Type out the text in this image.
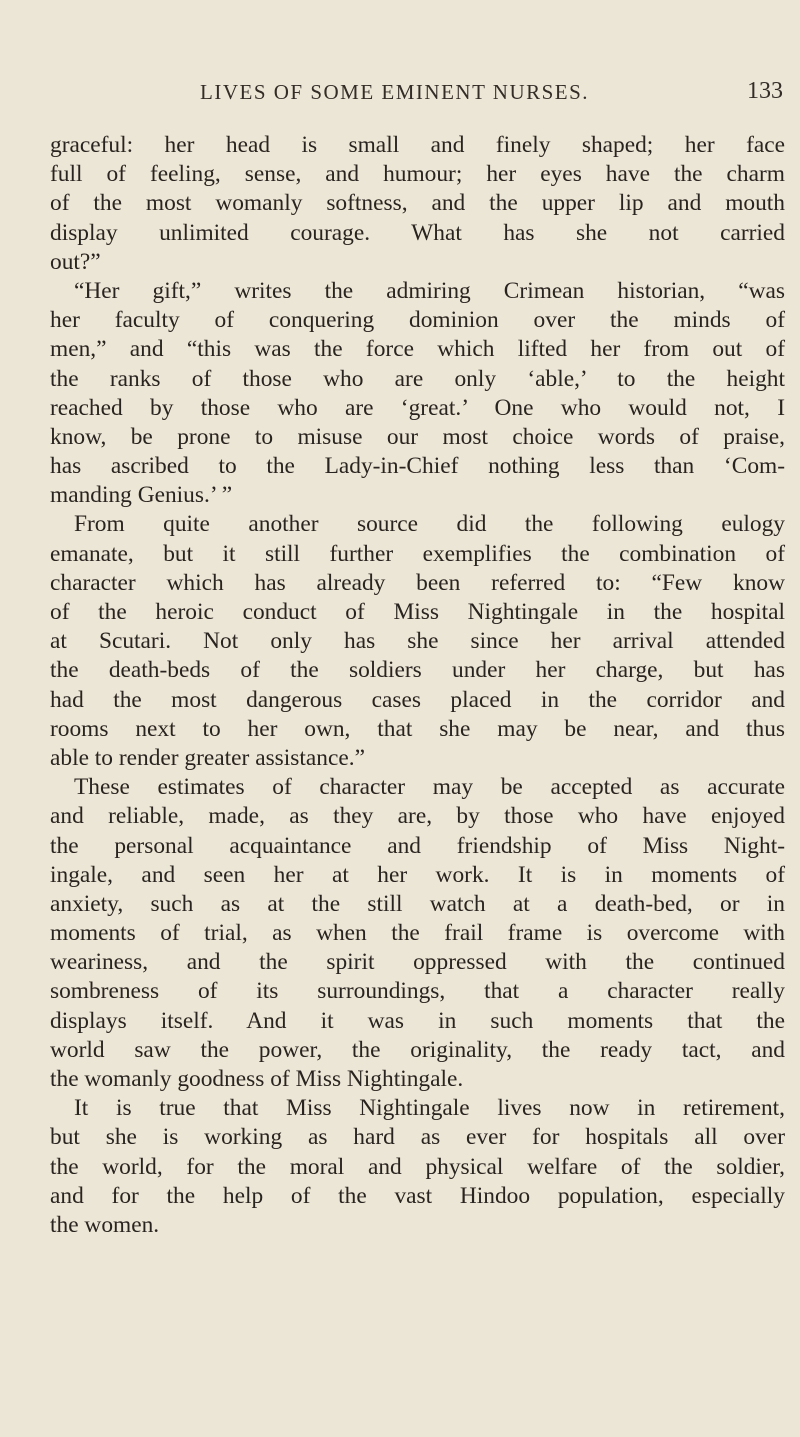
LIVES OF SOME EMINENT NURSES.	133
graceful: her head is small and finely shaped; her face
full of feeling, sense, and humour; her eyes have the charm
of the most womanly softness, and the upper lip and mouth
display unlimited courage. What has she not carried
out?”
“Her gift,” writes the admiring Crimean historian, “was
her faculty of conquering dominion over the minds of
men,” and “this was the force which lifted her from out of
the ranks of those who are only ‘able,’ to the height
reached by those who are ‘great.’ One who would not, I
know, be prone to misuse our most choice words of praise,
has ascribed to the Lady-in-Chief nothing less than ‘Com-
manding Genius.’ ”
From quite another source did the following eulogy
emanate, but it still further exemplifies the combination of
character which has already been referred to: “Few know
of the heroic conduct of Miss Nightingale in the hospital
at Scutari. Not only has she since her arrival attended
the death-beds of the soldiers under her charge, but has
had the most dangerous cases placed in the corridor and
rooms next to her own, that she may be near, and thus
able to render greater assistance.”
These estimates of character may be accepted as accurate
and reliable, made, as they are, by those who have enjoyed
the personal acquaintance and friendship of Miss Night-
ingale, and seen her at her work. It is in moments of
anxiety, such as at the still watch at a death-bed, or in
moments of trial, as when the frail frame is overcome with
weariness, and the spirit oppressed with the continued
sombreness of its surroundings, that a character really
displays itself. And it was in such moments that the
world saw the power, the originality, the ready tact, and
the womanly goodness of Miss Nightingale.
It is true that Miss Nightingale lives now in retirement,
but she is working as hard as ever for hospitals all over
the world, for the moral and physical welfare of the soldier,
and for the help of the vast Hindoo population, especially
the women.
